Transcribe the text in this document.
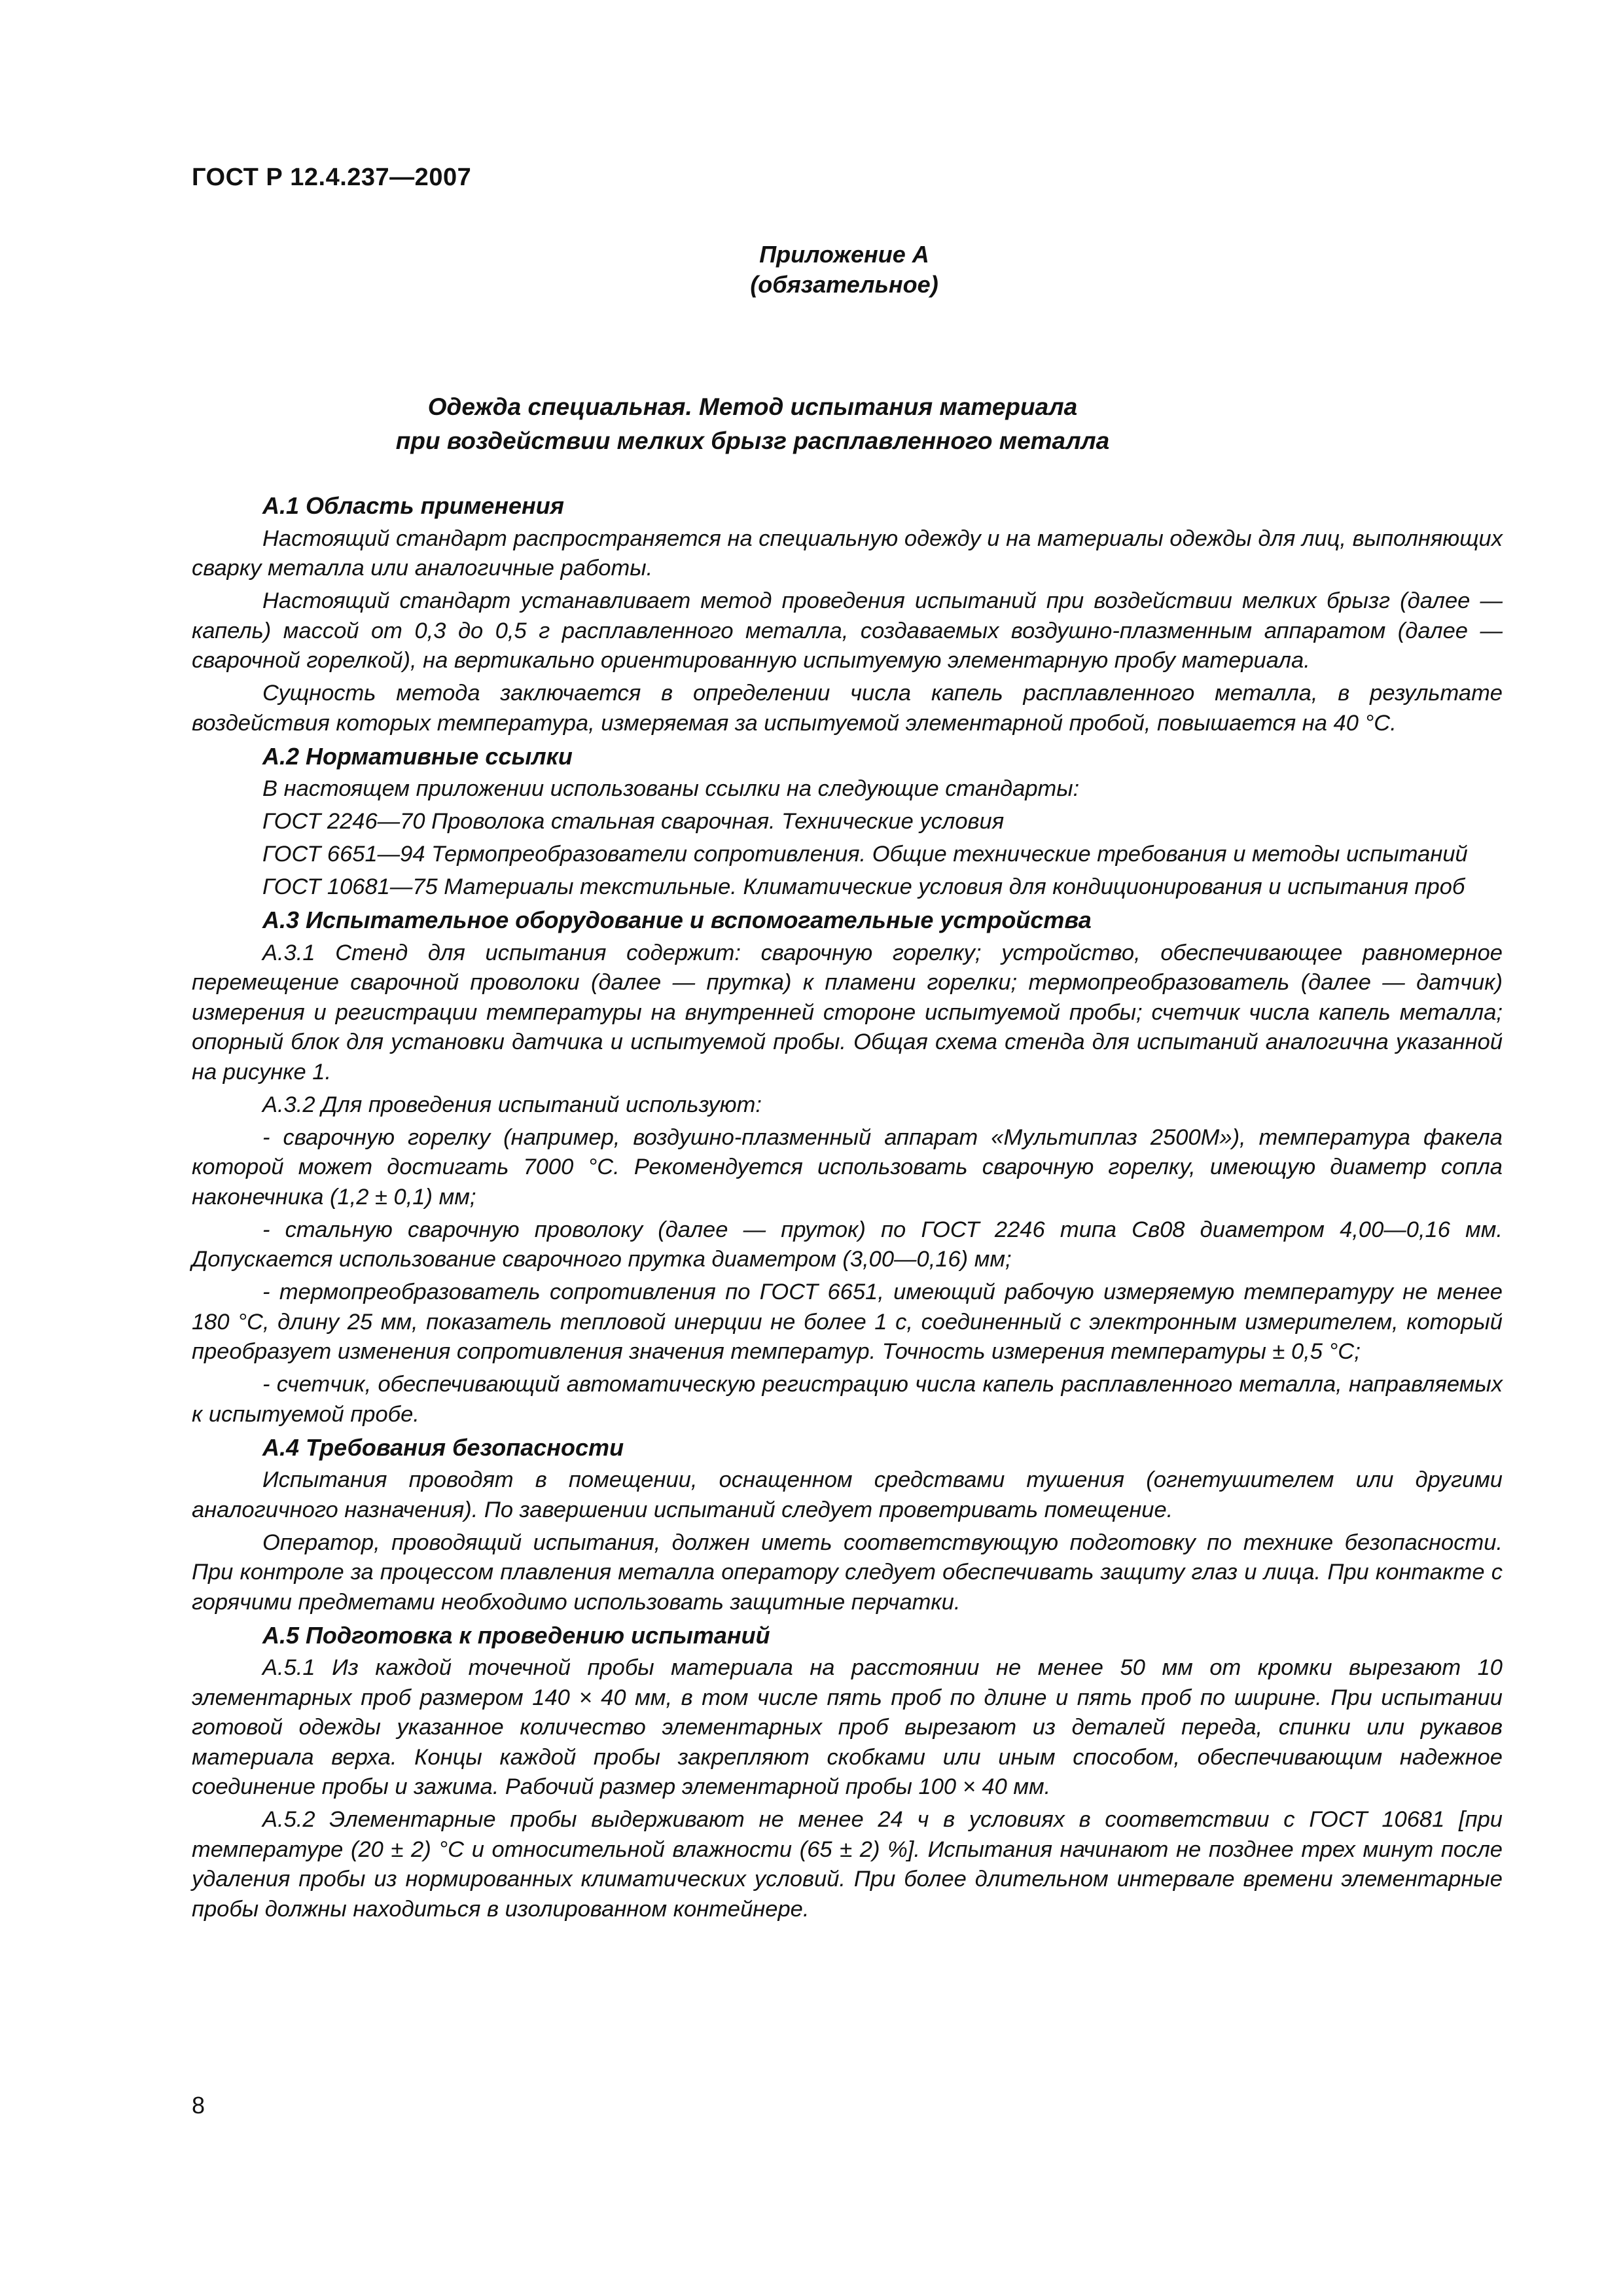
ГОСТ Р 12.4.237—2007
Приложение А
(обязательное)
Одежда специальная. Метод испытания материала
при воздействии мелких брызг расплавленного металла
А.1 Область применения

Настоящий стандарт распространяется на специальную одежду и на материалы одежды для лиц, выполняющих сварку металла или аналогичные работы.

Настоящий стандарт устанавливает метод проведения испытаний при воздействии мелких брызг (далее — капель) массой от 0,3 до 0,5 г расплавленного металла, создаваемых воздушно-плазменным аппаратом (далее — сварочной горелкой), на вертикально ориентированную испытуемую элементарную пробу материала.

Сущность метода заключается в определении числа капель расплавленного металла, в результате воздействия которых температура, измеряемая за испытуемой элементарной пробой, повышается на 40 °С.

А.2 Нормативные ссылки

В настоящем приложении использованы ссылки на следующие стандарты:

ГОСТ 2246—70 Проволока стальная сварочная. Технические условия

ГОСТ 6651—94 Термопреобразователи сопротивления. Общие технические требования и методы испытаний

ГОСТ 10681—75 Материалы текстильные. Климатические условия для кондиционирования и испытания проб

А.3 Испытательное оборудование и вспомогательные устройства

А.3.1 Стенд для испытания содержит: сварочную горелку; устройство, обеспечивающее равномерное перемещение сварочной проволоки (далее — прутка) к пламени горелки; термопреобразователь (далее — датчик) измерения и регистрации температуры на внутренней стороне испытуемой пробы; счетчик числа капель металла; опорный блок для установки датчика и испытуемой пробы. Общая схема стенда для испытаний аналогична указанной на рисунке 1.

А.3.2 Для проведения испытаний используют:

- сварочную горелку (например, воздушно-плазменный аппарат «Мультиплаз 2500М»), температура факела которой может достигать 7000 °С. Рекомендуется использовать сварочную горелку, имеющую диаметр сопла наконечника (1,2 ± 0,1) мм;

- стальную сварочную проволоку (далее — пруток) по ГОСТ 2246 типа Св08 диаметром 4,00—0,16 мм. Допускается использование сварочного прутка диаметром (3,00—0,16) мм;

- термопреобразователь сопротивления по ГОСТ 6651, имеющий рабочую измеряемую температуру не менее 180 °С, длину 25 мм, показатель тепловой инерции не более 1 с, соединенный с электронным измерителем, который преобразует изменения сопротивления значения температур. Точность измерения температуры ± 0,5 °С;

- счетчик, обеспечивающий автоматическую регистрацию числа капель расплавленного металла, направляемых к испытуемой пробе.

А.4 Требования безопасности

Испытания проводят в помещении, оснащенном средствами тушения (огнетушителем или другими аналогичного назначения). По завершении испытаний следует проветривать помещение.

Оператор, проводящий испытания, должен иметь соответствующую подготовку по технике безопасности. При контроле за процессом плавления металла оператору следует обеспечивать защиту глаз и лица. При контакте с горячими предметами необходимо использовать защитные перчатки.

А.5 Подготовка к проведению испытаний

А.5.1 Из каждой точечной пробы материала на расстоянии не менее 50 мм от кромки вырезают 10 элементарных проб размером 140 × 40 мм, в том числе пять проб по длине и пять проб по ширине. При испытании готовой одежды указанное количество элементарных проб вырезают из деталей переда, спинки или рукавов материала верха. Концы каждой пробы закрепляют скобками или иным способом, обеспечивающим надежное соединение пробы и зажима. Рабочий размер элементарной пробы 100 × 40 мм.

А.5.2 Элементарные пробы выдерживают не менее 24 ч в условиях в соответствии с ГОСТ 10681 [при температуре (20 ± 2) °С и относительной влажности (65 ± 2) %]. Испытания начинают не позднее трех минут после удаления пробы из нормированных климатических условий. При более длительном интервале времени элементарные пробы должны находиться в изолированном контейнере.

8
